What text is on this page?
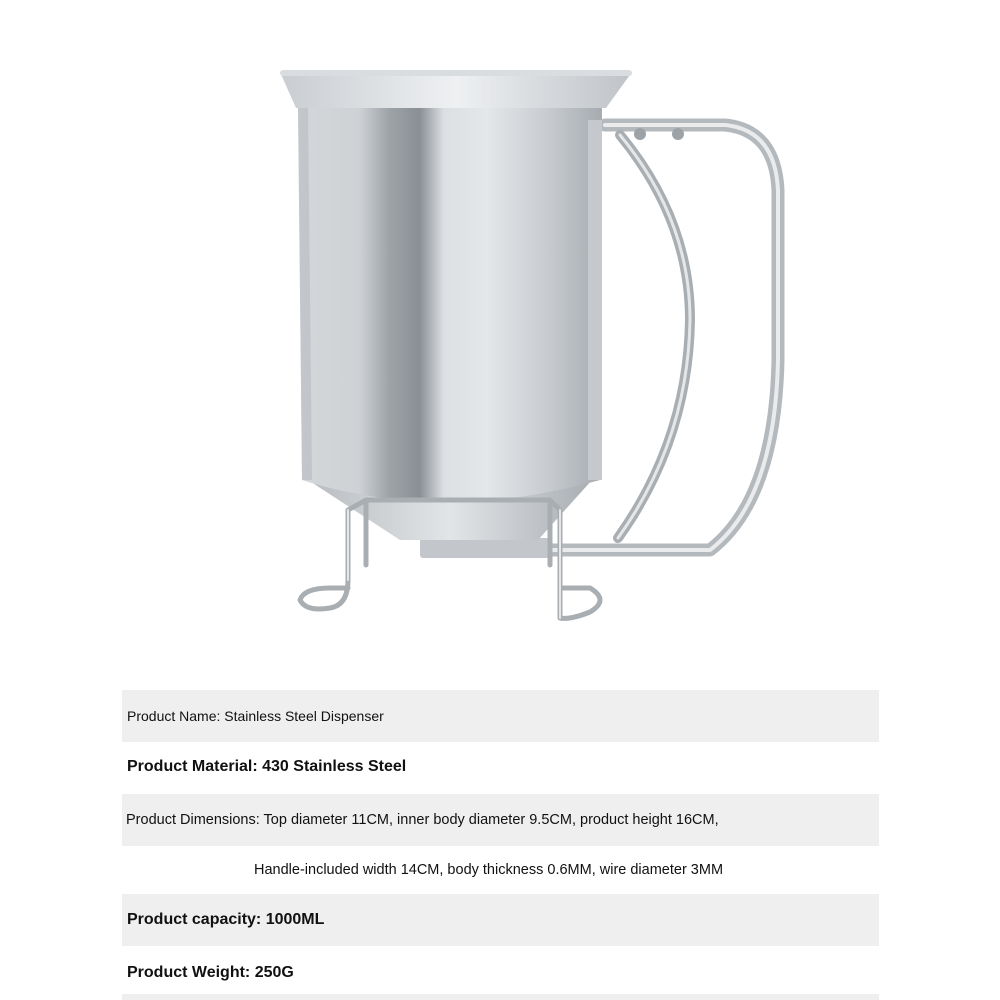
Product Name: Stainless Steel Dispenser
Product Material: 430 Stainless Steel
Product Dimensions: Top diameter 11CM, inner body diameter 9.5CM, product height 16CM,
Handle-included width 14CM, body thickness 0.6MM, wire diameter 3MM
Product capacity: 1000ML
Product Weight: 250G
